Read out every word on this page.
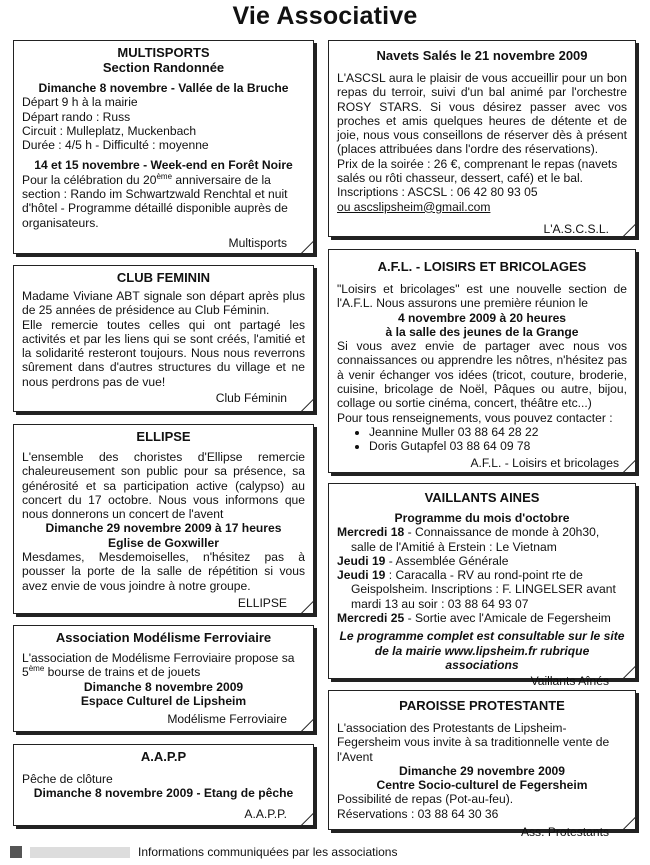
Vie Associative
MULTISPORTS
Section Randonnée
Dimanche 8 novembre - Vallée de la Bruche

Départ 9 h à la mairie

Départ rando : Russ

Circuit : Mulleplatz, Muckenbach

Durée : 4/5 h - Difficulté : moyenne

14 et 15 novembre - Week-end en Forêt Noire

Pour la célébration du 20ème anniversaire de la section : Rando im Schwartzwald Renchtal et nuit d'hôtel - Programme détaillé disponible auprès de organisateurs.

Multisports
CLUB FEMININ

Madame Viviane ABT signale son départ après plus de 25 années de présidence au Club Féminin.

Elle remercie toutes celles qui ont partagé les activités et par les liens qui se sont créés, l'amitié et la solidarité resteront toujours. Nous nous reverrons sûrement dans d'autres structures du village et ne nous perdrons pas de vue!

Club Féminin
ELLIPSE

L'ensemble des choristes d'Ellipse remercie chaleureusement son public pour sa présence, sa générosité et sa participation active (calypso) au concert du 17 octobre. Nous vous informons que nous donnerons un concert de l'avent

Dimanche 29 novembre 2009 à 17 heures
Eglise de Goxwiller

Mesdames, Mesdemoiselles, n'hésitez pas à pousser la porte de la salle de répétition si vous avez envie de vous joindre à notre groupe.

ELLIPSE
Association Modélisme Ferroviaire

L'association de Modélisme Ferroviaire propose sa 5ème bourse de trains et de jouets

Dimanche 8 novembre 2009
Espace Culturel de Lipsheim
Modélisme Ferroviaire
A.A.P.P

Pêche de clôture

Dimanche 8 novembre 2009 - Etang de pêche
A.A.P.P.
Navets Salés le 21 novembre 2009

L'ASCSL aura le plaisir de vous accueillir pour un bon repas du terroir, suivi d'un bal animé par l'orchestre ROSY STARS. Si vous désirez passer avec vos proches et amis quelques heures de détente et de joie, nous vous conseillons de réserver dès à présent (places attribuées dans l'ordre des réservations).

Prix de la soirée : 26 €, comprenant le repas (navets salés ou rôti chasseur, dessert, café) et le bal.

Inscriptions : ASCSL : 06 42 80 93 05

ou ascslipsheim@gmail.com

L'A.S.C.S.L.
A.F.L. - LOISIRS ET BRICOLAGES

"Loisirs et bricolages" est une nouvelle section de l'A.F.L. Nous assurons une première réunion le

4 novembre 2009 à 20 heures
à la salle des jeunes de la Grange

Si vous avez envie de partager avec nous vos connaissances ou apprendre les nôtres, n'hésitez pas à venir échanger vos idées (tricot, couture, broderie, cuisine, bricolage de Noël, Pâques ou autre, bijou, collage ou sortie cinéma, concert, théâtre etc...)

Pour tous renseignements, vous pouvez contacter :

• Jeannine Muller 03 88 64 28 22
• Doris Gutapfel 03 88 64 09 78
A.F.L. - Loisirs et bricolages
VAILLANTS AINES
Programme du mois d'octobre

Mercredi 18 - Connaissance de monde à 20h30, salle de l'Amitié à Erstein : Le Vietnam

Jeudi 19 - Assemblée Générale

Jeudi 19 : Caracalla - RV au rond-point rte de Geispolsheim. Inscriptions : F. LINGELSER avant mardi 13 au soir : 03 88 64 93 07

Mercredi 25 - Sortie avec l'Amicale de Fegersheim

Le programme complet est consultable sur le site de la mairie www.lipsheim.fr rubrique associations

Vaillants Aînés
PAROISSE PROTESTANTE

L'association des Protestants de Lipsheim-Fegersheim vous invite à sa traditionnelle vente de l'Avent

Dimanche 29 novembre 2009
Centre Socio-culturel de Fegersheim

Possibilité de repas (Pot-au-feu).

Réservations : 03 88 64 30 36

Ass. Protestants
Informations communiquées par les associations
